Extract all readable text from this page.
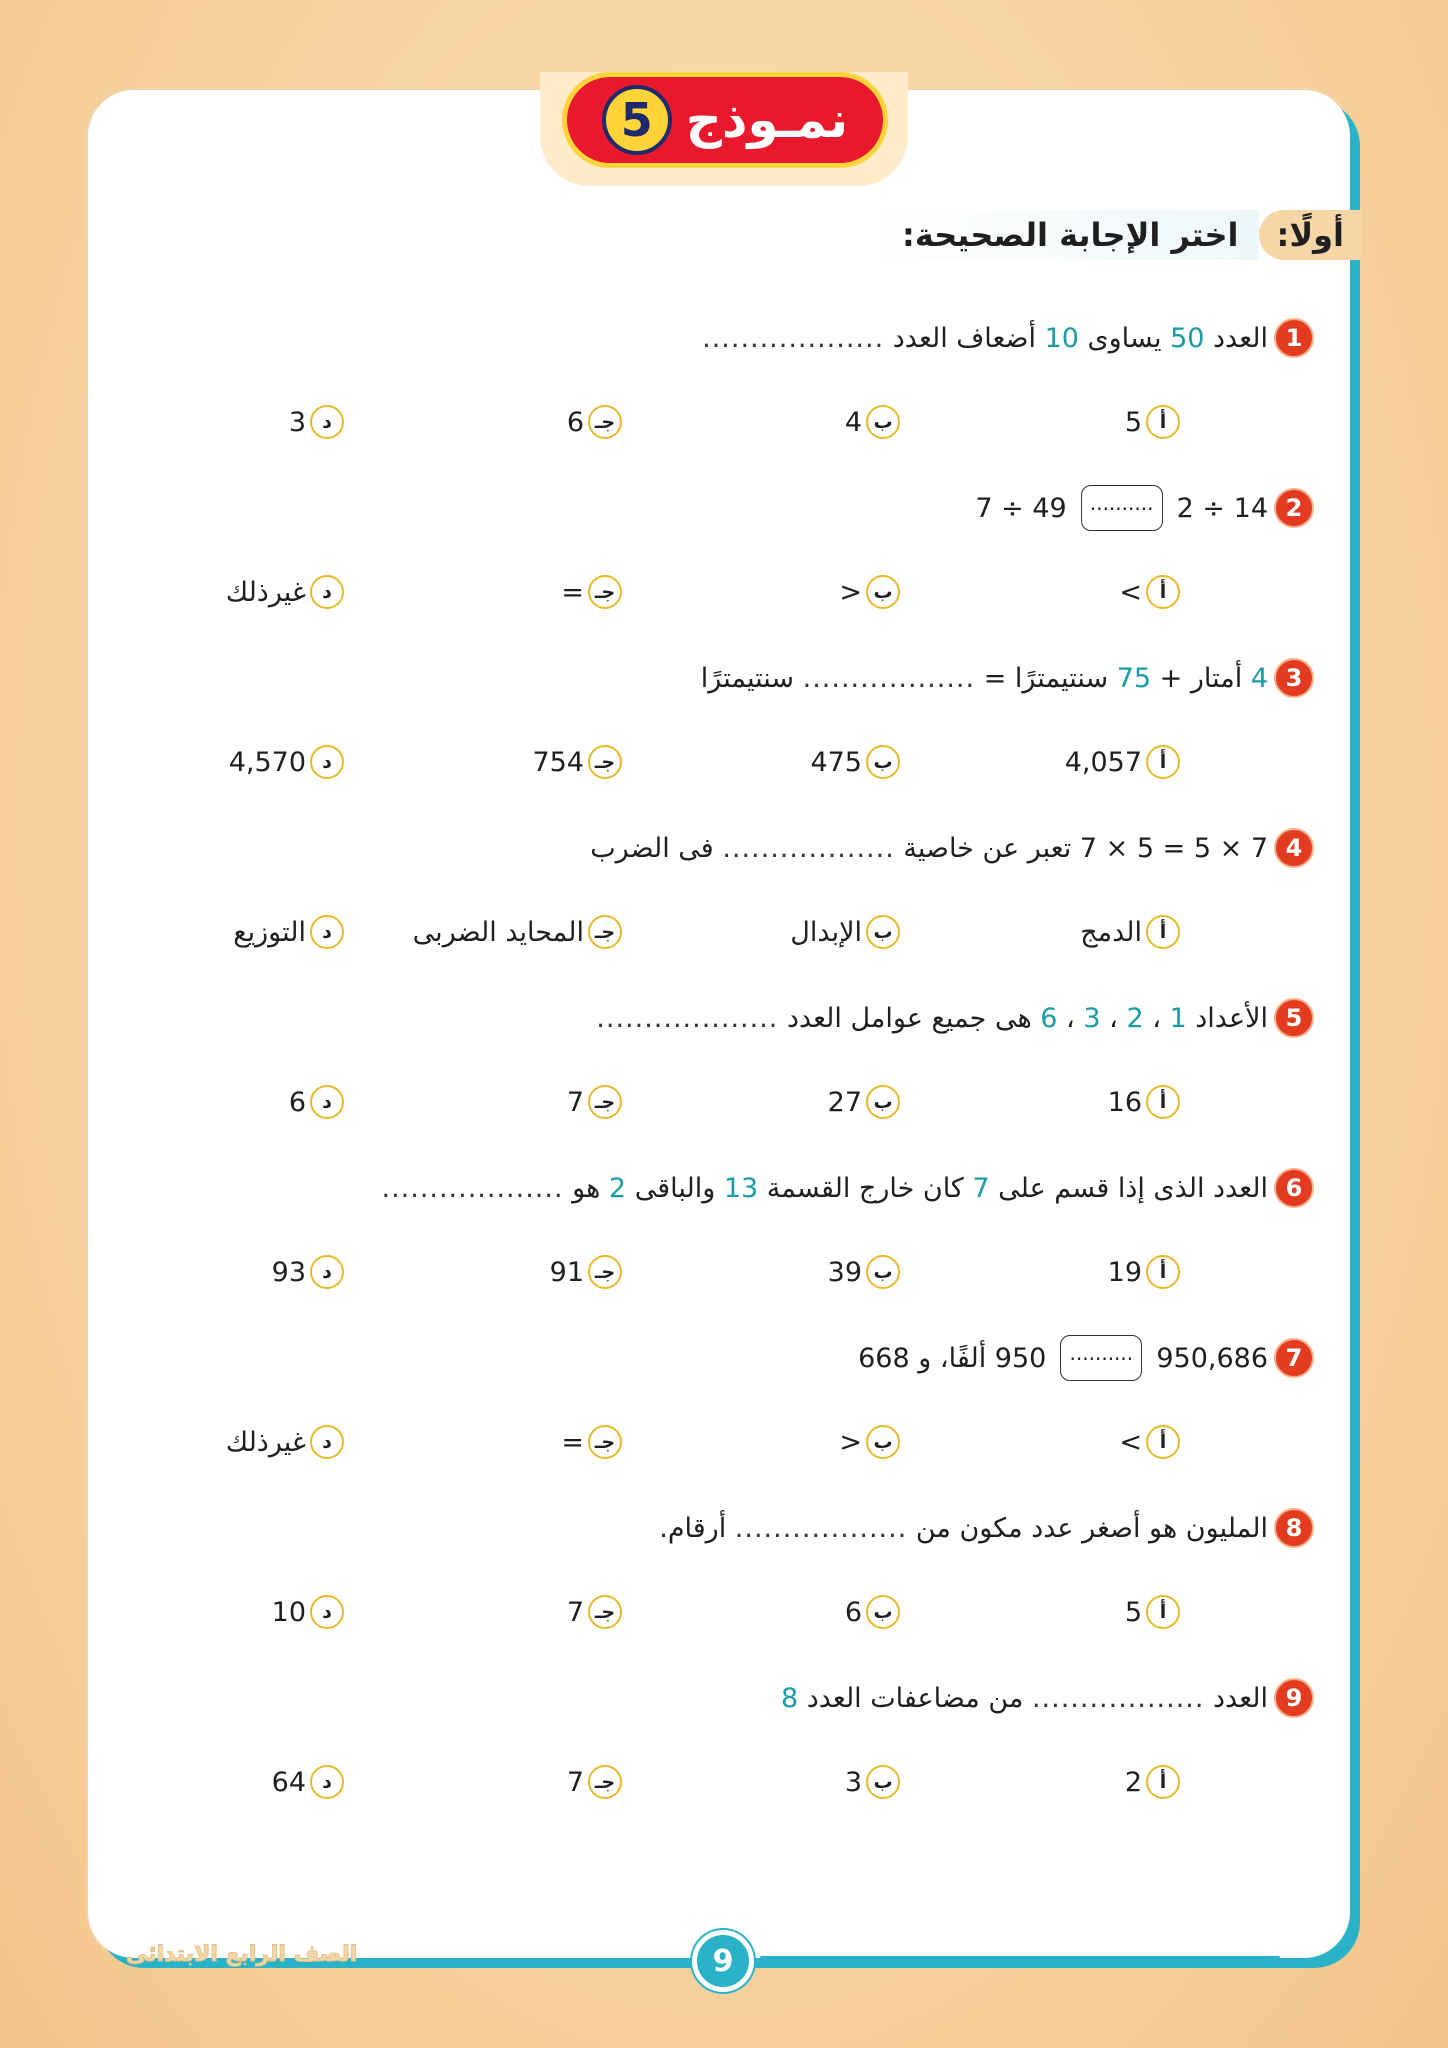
نمـوذج
5
أولًا:
اختر الإجابة الصحيحة:
1
العدد
50
يساوى
10
أضعاف العدد
...................
أ
5
ب
4
جـ
6
د
3
2
14 ÷ 2
..........
49 ÷ 7
أ
>
ب
<
جـ
=
د
غيرذلك
3
4
أمتار +
75
سنتيمترًا =
..................
سنتيمترًا
أ
4,057
ب
475
جـ
754
د
4,570
4
7 × 5 = 5 × 7 تعبر عن خاصية
..................
فى الضرب
أ
الدمج
ب
الإبدال
جـ
المحايد الضربى
د
التوزيع
5
الأعداد
1
،
2
،
3
،
6
هى جميع عوامل العدد
...................
أ
16
ب
27
جـ
7
د
6
6
العدد الذى إذا قسم على
7
كان خارج القسمة
13
والباقى
2
هو
...................
أ
19
ب
39
جـ
91
د
93
7
950,686
..........
950 ألفًا، و 668
أ
>
ب
<
جـ
=
د
غيرذلك
8
المليون هو أصغر عدد مكون من
..................
أرقام.
أ
5
ب
6
جـ
7
د
10
9
العدد
..................
من مضاعفات العدد
8
أ
2
ب
3
جـ
7
د
64
الصف الرابع الابتدائى	9
